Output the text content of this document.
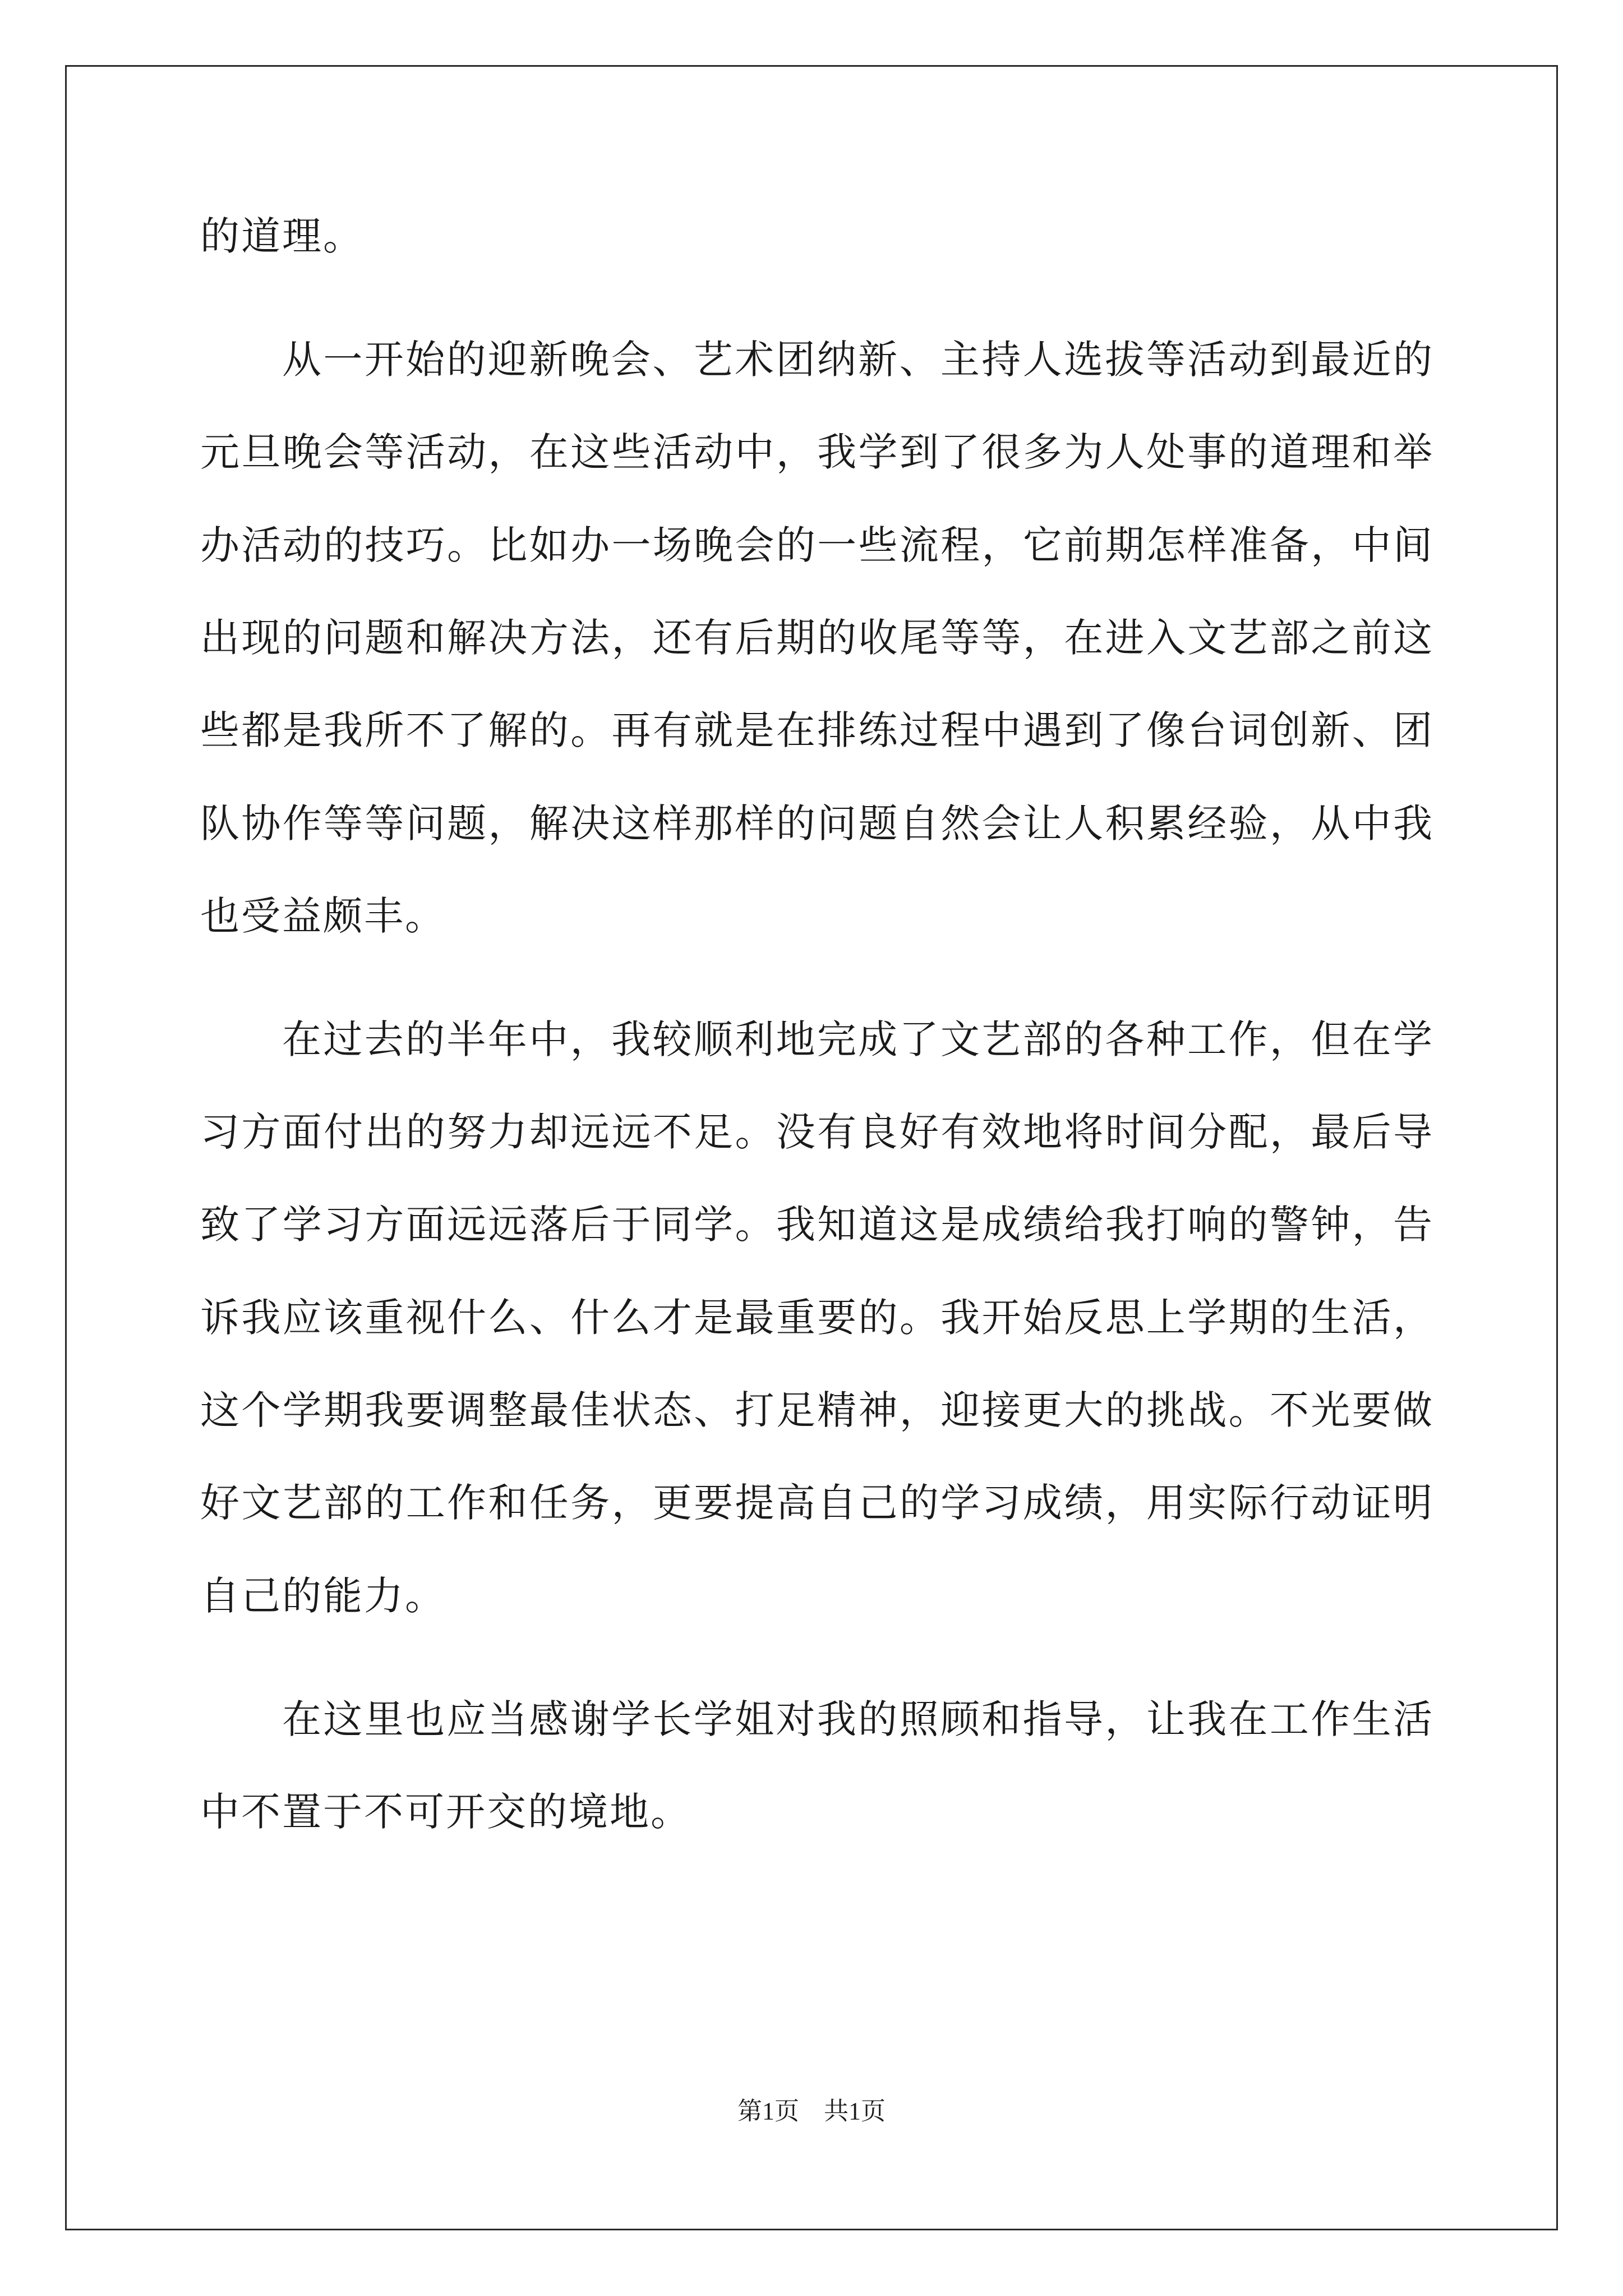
的道理。
从一开始的迎新晚会、艺术团纳新、主持人选拔等活动到最近的
元旦晚会等活动，在这些活动中，我学到了很多为人处事的道理和举
办活动的技巧。比如办一场晚会的一些流程，它前期怎样准备，中间
出现的问题和解决方法，还有后期的收尾等等，在进入文艺部之前这
些都是我所不了解的。再有就是在排练过程中遇到了像台词创新、团
队协作等等问题，解决这样那样的问题自然会让人积累经验，从中我
也受益颇丰。
在过去的半年中，我较顺利地完成了文艺部的各种工作，但在学
习方面付出的努力却远远不足。没有良好有效地将时间分配，最后导
致了学习方面远远落后于同学。我知道这是成绩给我打响的警钟，告
诉我应该重视什么、什么才是最重要的。我开始反思上学期的生活，
这个学期我要调整最佳状态、打足精神，迎接更大的挑战。不光要做
好文艺部的工作和任务，更要提高自己的学习成绩，用实际行动证明
自己的能力。
在这里也应当感谢学长学姐对我的照顾和指导，让我在工作生活
中不置于不可开交的境地。
第1页 共1页
